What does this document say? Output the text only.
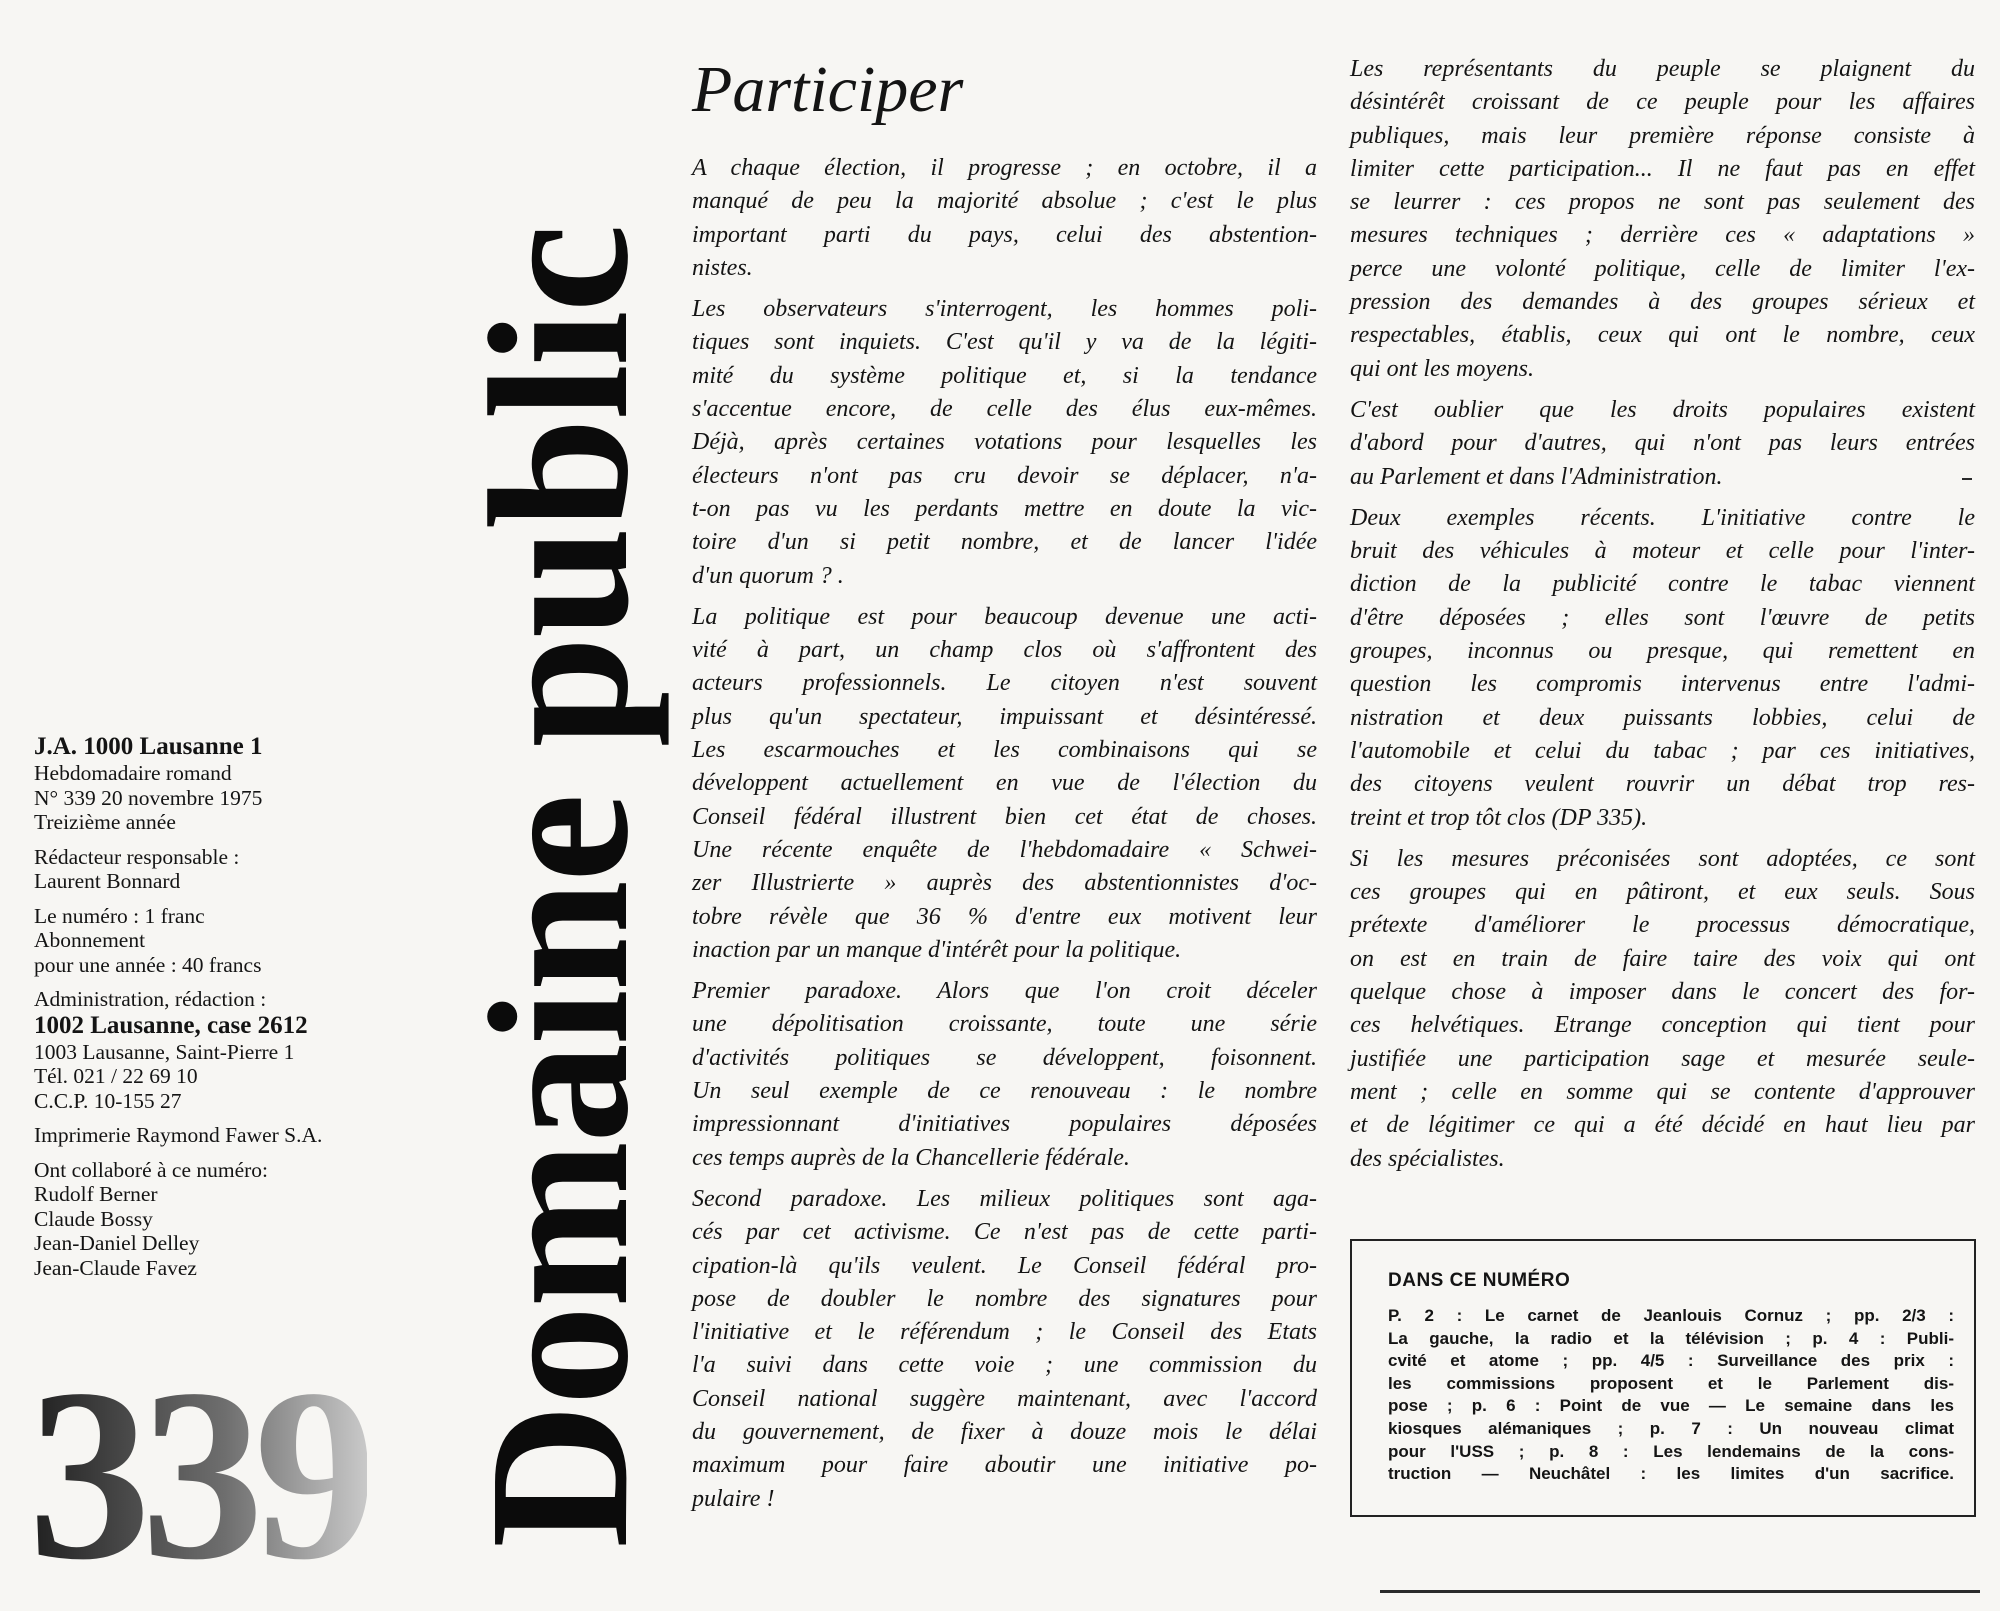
J.A. 1000 Lausanne 1
Hebdomadaire romand
N° 339 20 novembre 1975
Treizième année
Rédacteur responsable :
Laurent Bonnard
Le numéro : 1 franc
Abonnement
pour une année : 40 francs
Administration, rédaction :
1002 Lausanne, case 2612
1003 Lausanne, Saint-Pierre 1
Tél. 021 / 22 69 10
C.C.P. 10-155 27
Imprimerie Raymond Fawer S.A.
Ont collaboré à ce numéro:
Rudolf Berner
Claude Bossy
Jean-Daniel Delley
Jean-Claude Favez
339 Domaine public
Participer
A chaque élection, il progresse ; en octobre, il a
manqué de peu la majorité absolue ; c'est le plus
important parti du pays, celui des abstention-
nistes.
Les observateurs s'interrogent, les hommes poli-
tiques sont inquiets. C'est qu'il y va de la légiti-
mité du système politique et, si la tendance
s'accentue encore, de celle des élus eux-mêmes.
Déjà, après certaines votations pour lesquelles les
électeurs n'ont pas cru devoir se déplacer, n'a-
t-on pas vu les perdants mettre en doute la vic-
toire d'un si petit nombre, et de lancer l'idée
d'un quorum ? .
La politique est pour beaucoup devenue une acti-
vité à part, un champ clos où s'affrontent des
acteurs professionnels. Le citoyen n'est souvent
plus qu'un spectateur, impuissant et désintéressé.
Les escarmouches et les combinaisons qui se
développent actuellement en vue de l'élection du
Conseil fédéral illustrent bien cet état de choses.
Une récente enquête de l'hebdomadaire « Schwei-
zer Illustrierte » auprès des abstentionnistes d'oc-
tobre révèle que 36 % d'entre eux motivent leur
inaction par un manque d'intérêt pour la politique.
Premier paradoxe. Alors que l'on croit déceler
une dépolitisation croissante, toute une série
d'activités politiques se développent, foisonnent.
Un seul exemple de ce renouveau : le nombre
impressionnant d'initiatives populaires déposées
ces temps auprès de la Chancellerie fédérale.
Second paradoxe. Les milieux politiques sont aga-
cés par cet activisme. Ce n'est pas de cette parti-
cipation-là qu'ils veulent. Le Conseil fédéral pro-
pose de doubler le nombre des signatures pour
l'initiative et le référendum ; le Conseil des Etats
l'a suivi dans cette voie ; une commission du
Conseil national suggère maintenant, avec l'accord
du gouvernement, de fixer à douze mois le délai
maximum pour faire aboutir une initiative po-
pulaire !
Les représentants du peuple se plaignent du
désintérêt croissant de ce peuple pour les affaires
publiques, mais leur première réponse consiste à
limiter cette participation... Il ne faut pas en effet
se leurrer : ces propos ne sont pas seulement des
mesures techniques ; derrière ces « adaptations »
perce une volonté politique, celle de limiter l'ex-
pression des demandes à des groupes sérieux et
respectables, établis, ceux qui ont le nombre, ceux
qui ont les moyens.
C'est oublier que les droits populaires existent
d'abord pour d'autres, qui n'ont pas leurs entrées
au Parlement et dans l'Administration.
Deux exemples récents. L'initiative contre le
bruit des véhicules à moteur et celle pour l'inter-
diction de la publicité contre le tabac viennent
d'être déposées ; elles sont l'œuvre de petits
groupes, inconnus ou presque, qui remettent en
question les compromis intervenus entre l'admi-
nistration et deux puissants lobbies, celui de
l'automobile et celui du tabac ; par ces initiatives,
des citoyens veulent rouvrir un débat trop res-
treint et trop tôt clos (DP 335).
Si les mesures préconisées sont adoptées, ce sont
ces groupes qui en pâtiront, et eux seuls. Sous
prétexte d'améliorer le processus démocratique,
on est en train de faire taire des voix qui ont
quelque chose à imposer dans le concert des for-
ces helvétiques. Etrange conception qui tient pour
justifiée une participation sage et mesurée seule-
ment ; celle en somme qui se contente d'approuver
et de légitimer ce qui a été décidé en haut lieu par
des spécialistes.
DANS CE NUMÉRO
P. 2 : Le carnet de Jeanlouis Cornuz ; pp. 2/3 :
La gauche, la radio et la télévision ; p. 4 : Publi-
cvité et atome ; pp. 4/5 : Surveillance des prix :
les commissions proposent et le Parlement dis-
pose ; p. 6 : Point de vue — Le semaine dans les
kiosques alémaniques ; p. 7 : Un nouveau climat
pour l'USS ; p. 8 : Les lendemains de la cons-
truction — Neuchâtel : les limites d'un sacrifice.
